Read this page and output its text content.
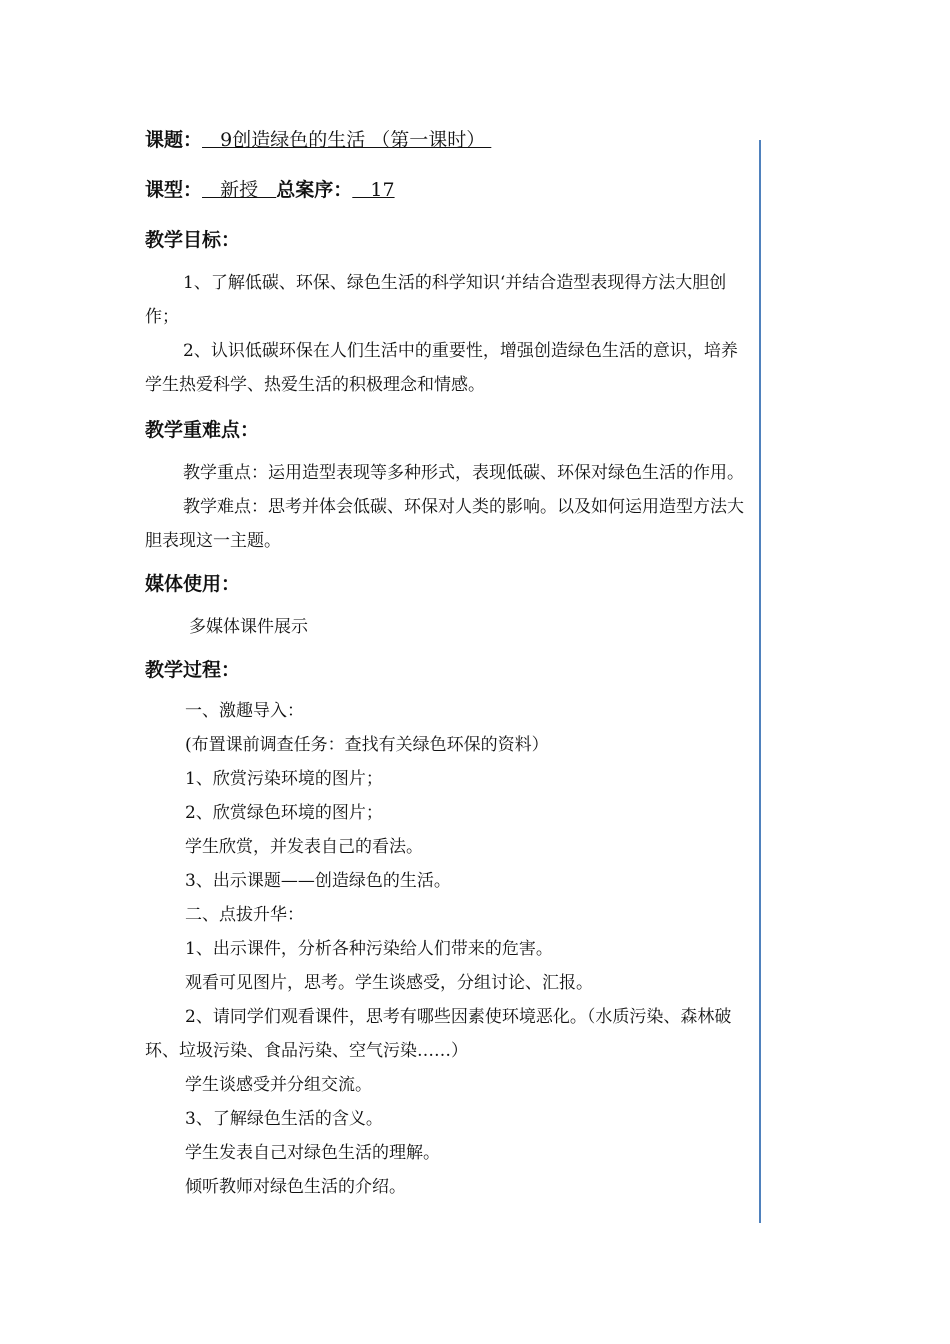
课题： 9创造绿色的生活 （第一课时）
课型： 新授 总案序： 17
教学目标：

1、了解低碳、环保、绿色生活的科学知识‘并结合造型表现得方法大胆创作；

2、认识低碳环保在人们生活中的重要性，增强创造绿色生活的意识，培养学生热爱科学、热爱生活的积极理念和情感。

教学重难点：

教学重点：运用造型表现等多种形式，表现低碳、环保对绿色生活的作用。

教学难点：思考并体会低碳、环保对人类的影响。以及如何运用造型方法大胆表现这一主题。

媒体使用：

多媒体课件展示

教学过程：

一、激趣导入：

(布置课前调查任务：查找有关绿色环保的资料）

1、欣赏污染环境的图片；

2、欣赏绿色环境的图片；

学生欣赏，并发表自己的看法。

3、出示课题——创造绿色的生活。

二、点拔升华：

1、出示课件，分析各种污染给人们带来的危害。

观看可见图片，思考。学生谈感受，分组讨论、汇报。

2、请同学们观看课件，思考有哪些因素使环境恶化。（水质污染、森林破环、垃圾污染、食品污染、空气污染……）

学生谈感受并分组交流。

3、了解绿色生活的含义。

学生发表自己对绿色生活的理解。

倾听教师对绿色生活的介绍。
